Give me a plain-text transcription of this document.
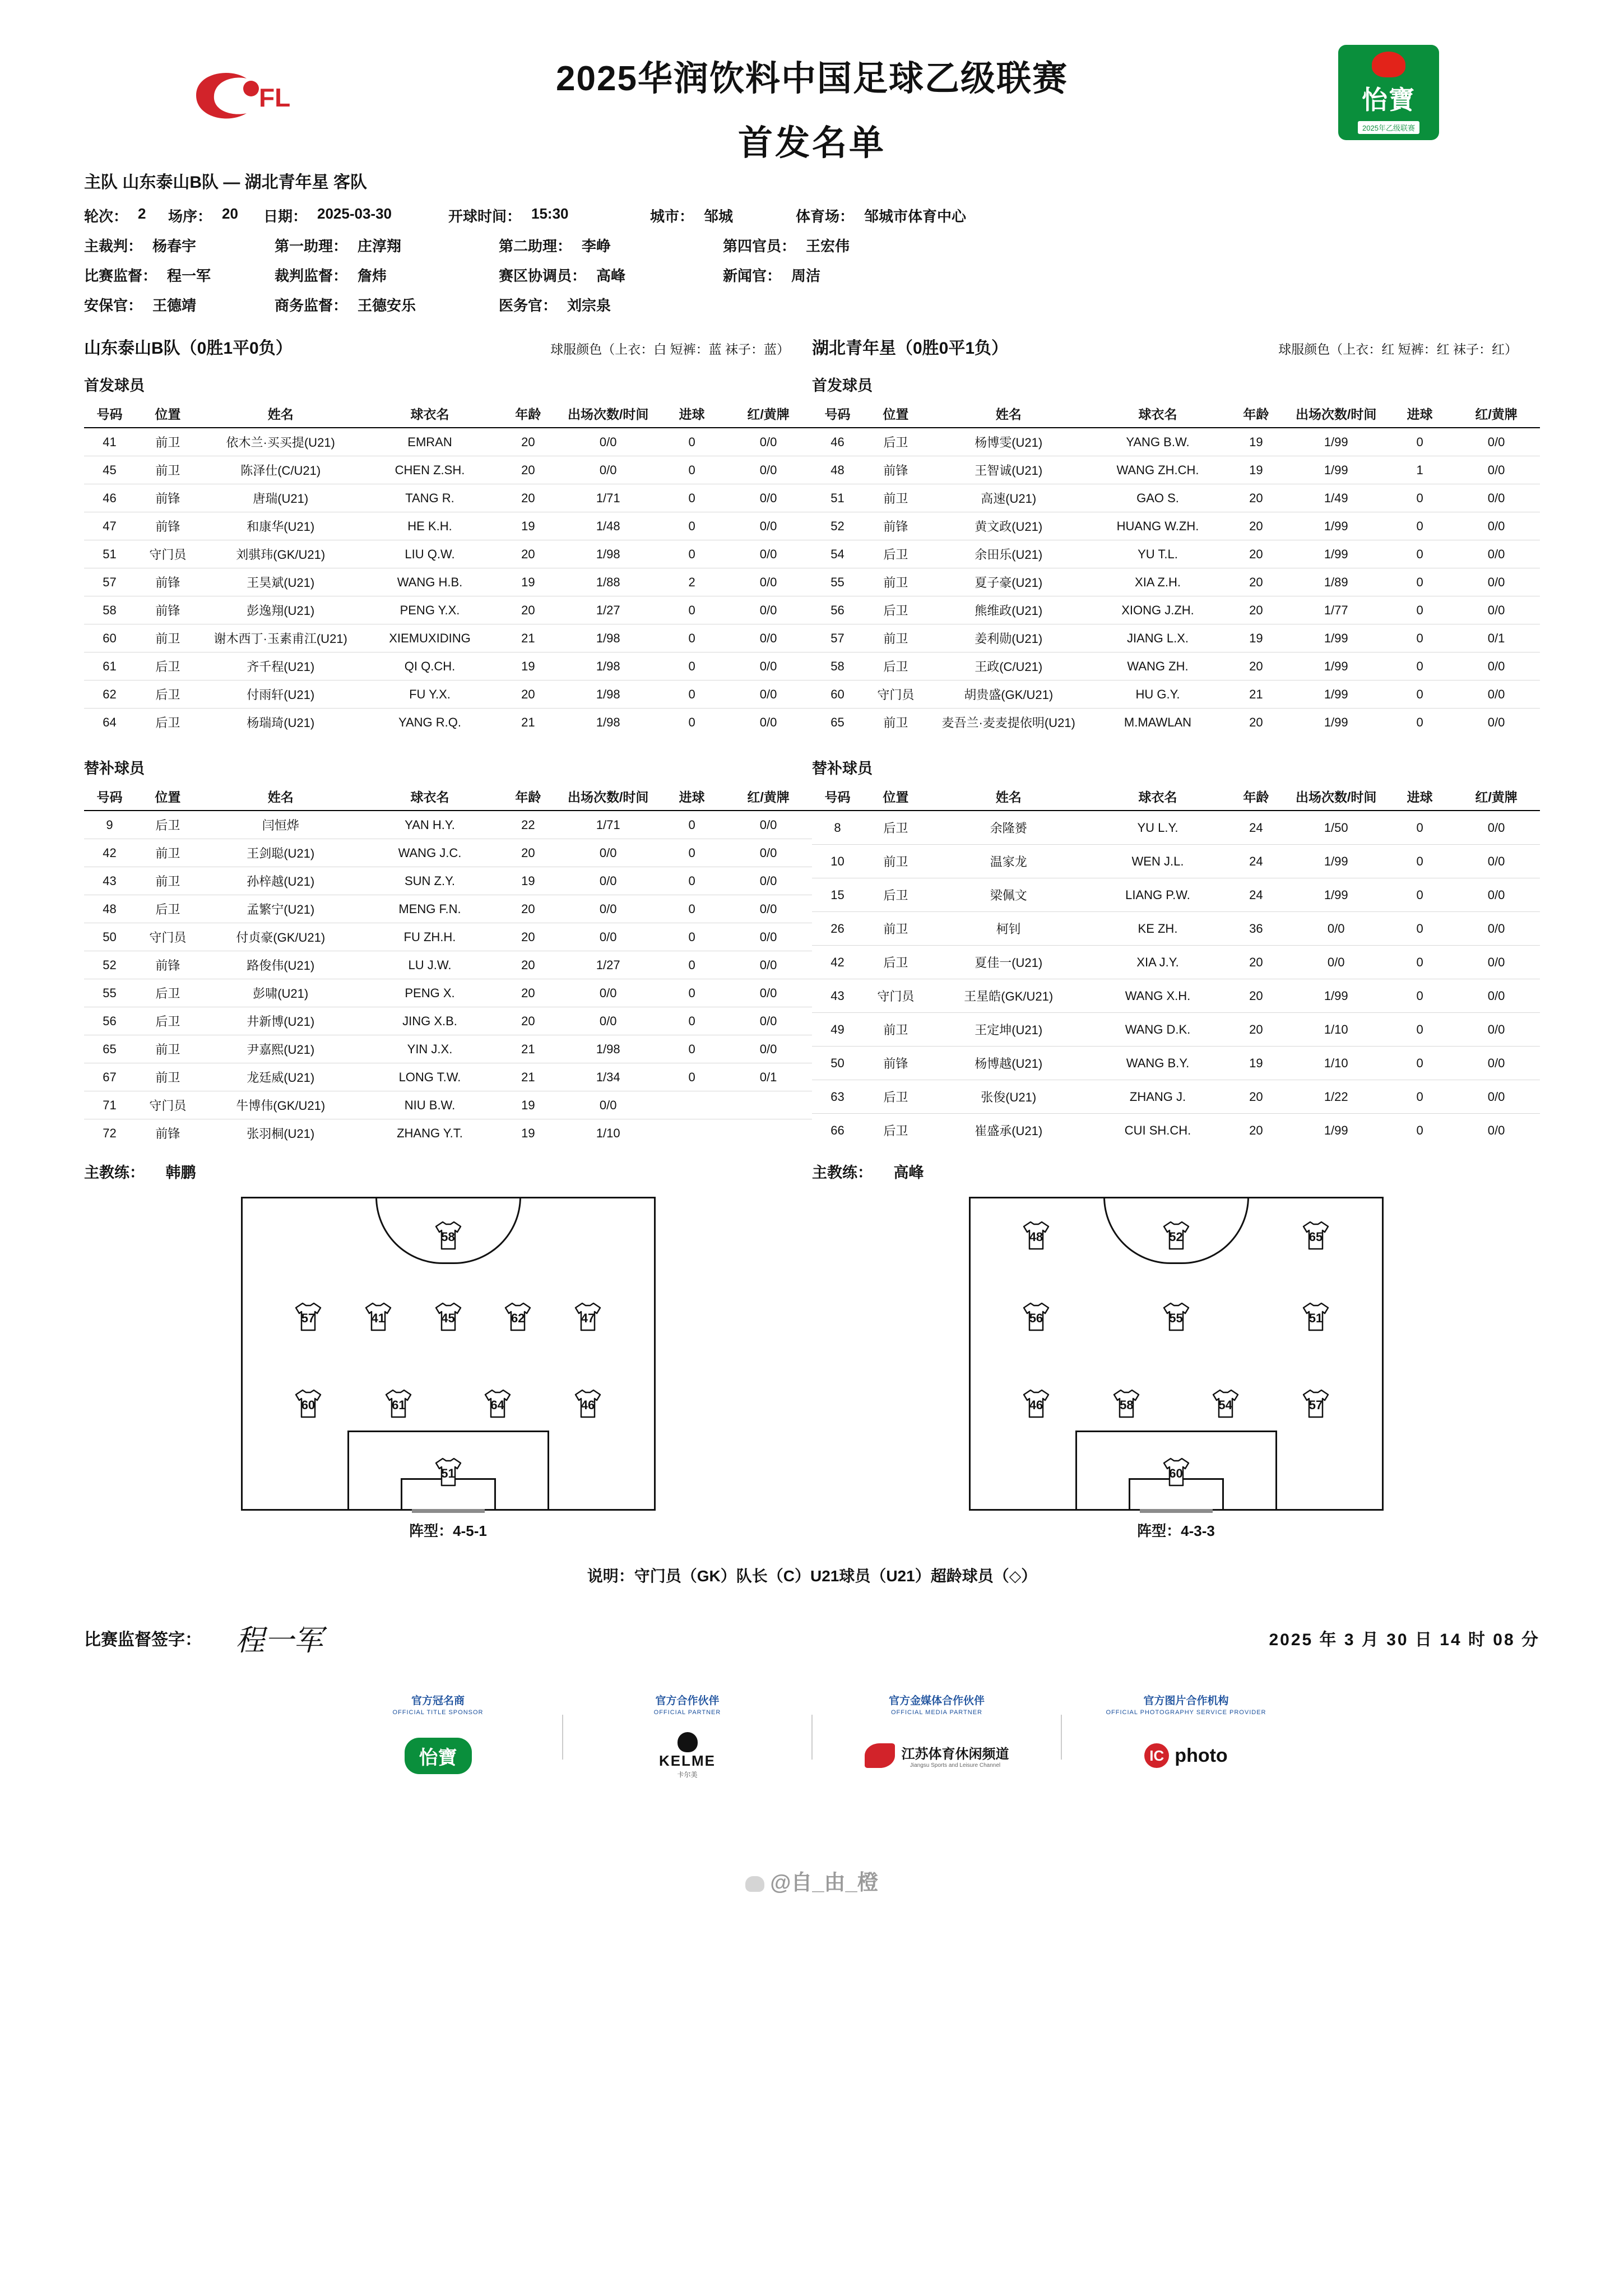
FL	2025华润饮料中国足球乙级联赛
首发名单
怡寶
2025年乙级联赛
主队 山东泰山B队 — 湖北青年星 客队
轮次： 2 场序： 20 日期： 2025-03-30	开球时间： 15:30	城市： 邹城	体育场： 邹城市体育中心
主裁判： 杨春宇	第一助理： 庄淳翔	第二助理： 李峥	第四官员： 王宏伟
比赛监督： 程一军	裁判监督： 詹炜	赛区协调员： 高峰	新闻官： 周洁
安保官： 王德靖	商务监督： 王德安乐	医务官： 刘宗泉
山东泰山B队（0胜1平0负）	球服颜色（上衣：白 短裤：蓝 袜子：蓝）	湖北青年星（0胜0平1负）	球服颜色（上衣：红 短裤：红 袜子：红）
首发球员	首发球员
号码	位置	姓名	球衣名	年龄	出场次数/时间	进球	红/黄牌
41	前卫	依木兰·买买提(U21)	EMRAN	20	0/0	0	0/0
45	前卫	陈泽仕(C/U21)	CHEN Z.SH.	20	0/0	0	0/0
46	前锋	唐瑞(U21)	TANG R.	20	1/71	0	0/0
47	前锋	和康华(U21)	HE K.H.	19	1/48	0	0/0
51	守门员	刘骐玮(GK/U21)	LIU Q.W.	20	1/98	0	0/0
57	前锋	王昊斌(U21)	WANG H.B.	19	1/88	2	0/0
58	前锋	彭逸翔(U21)	PENG Y.X.	20	1/27	0	0/0
60	前卫	谢木西丁·玉素甫江(U21)	XIEMUXIDING	21	1/98	0	0/0
61	后卫	齐千程(U21)	QI Q.CH.	19	1/98	0	0/0
62	后卫	付雨轩(U21)	FU Y.X.	20	1/98	0	0/0
64	后卫	杨瑞琦(U21)	YANG R.Q.	21	1/98	0	0/0
号码	位置	姓名	球衣名	年龄	出场次数/时间	进球	红/黄牌
46	后卫	杨博雯(U21)	YANG B.W.	19	1/99	0	0/0
48	前锋	王智诚(U21)	WANG ZH.CH.	19	1/99	1	0/0
51	前卫	高速(U21)	GAO S.	20	1/49	0	0/0
52	前锋	黄文政(U21)	HUANG W.ZH.	20	1/99	0	0/0
54	后卫	余田乐(U21)	YU T.L.	20	1/99	0	0/0
55	前卫	夏子豪(U21)	XIA Z.H.	20	1/89	0	0/0
56	后卫	熊维政(U21)	XIONG J.ZH.	20	1/77	0	0/0
57	前卫	姜利勋(U21)	JIANG L.X.	19	1/99	0	0/1
58	后卫	王政(C/U21)	WANG ZH.	20	1/99	0	0/0
60	守门员	胡贵盛(GK/U21)	HU G.Y.	21	1/99	0	0/0
65	前卫	麦吾兰·麦麦提依明(U21)	M.MAWLAN	20	1/99	0	0/0
替补球员	替补球员
号码	位置	姓名	球衣名	年龄	出场次数/时间	进球	红/黄牌
9	后卫	闫恒烨	YAN H.Y.	22	1/71	0	0/0
42	前卫	王剑聪(U21)	WANG J.C.	20	0/0	0	0/0
43	前卫	孙梓越(U21)	SUN Z.Y.	19	0/0	0	0/0
48	后卫	孟繁宁(U21)	MENG F.N.	20	0/0	0	0/0
50	守门员	付贞豪(GK/U21)	FU ZH.H.	20	0/0	0	0/0
52	前锋	路俊伟(U21)	LU J.W.	20	1/27	0	0/0
55	后卫	彭啸(U21)	PENG X.	20	0/0	0	0/0
56	后卫	井新博(U21)	JING X.B.	20	0/0	0	0/0
65	前卫	尹嘉熙(U21)	YIN J.X.	21	1/98	0	0/0
67	前卫	龙廷威(U21)	LONG T.W.	21	1/34	0	0/1
71	守门员	牛博伟(GK/U21)	NIU B.W.	19	0/0		
72	前锋	张羽桐(U21)	ZHANG Y.T.	19	1/10		
号码	位置	姓名	球衣名	年龄	出场次数/时间	进球	红/黄牌
8	后卫	余隆赟	YU L.Y.	24	1/50	0	0/0
10	前卫	温家龙	WEN J.L.	24	1/99	0	0/0
15	后卫	梁佩文	LIANG P.W.	24	1/99	0	0/0
26	前卫	柯钊	KE ZH.	36	0/0	0	0/0
42	后卫	夏佳一(U21)	XIA J.Y.	20	0/0	0	0/0
43	守门员	王星皓(GK/U21)	WANG X.H.	20	1/99	0	0/0
49	前卫	王定坤(U21)	WANG D.K.	20	1/10	0	0/0
50	前锋	杨博越(U21)	WANG B.Y.	19	1/10	0	0/0
63	后卫	张俊(U21)	ZHANG J.	20	1/22	0	0/0
66	后卫	崔盛承(U21)	CUI SH.CH.	20	1/99	0	0/0
主教练： 韩鹏	主教练： 高峰
58
57	41	45	62	47
60	61	64	46
51
阵型：4-5-1
48	52	65
56	55	51
46	58	54	57
60
阵型：4-3-3
说明：守门员（GK）队长（C）U21球员（U21）超龄球员（◇）
比赛监督签字： 程一军	2025 年 3 月 30 日 14 时 08 分
官方冠名商
OFFICIAL TITLE SPONSOR
怡寶
官方合作伙伴
OFFICIAL PARTNER
KELME
卡尔美
官方金媒体合作伙伴
OFFICIAL MEDIA PARTNER
江苏体育休闲频道
Jiangsu Sports and Leisure Channel
官方图片合作机构
OFFICIAL PHOTOGRAPHY SERVICE PROVIDER
IC photo
@自_由_橙
